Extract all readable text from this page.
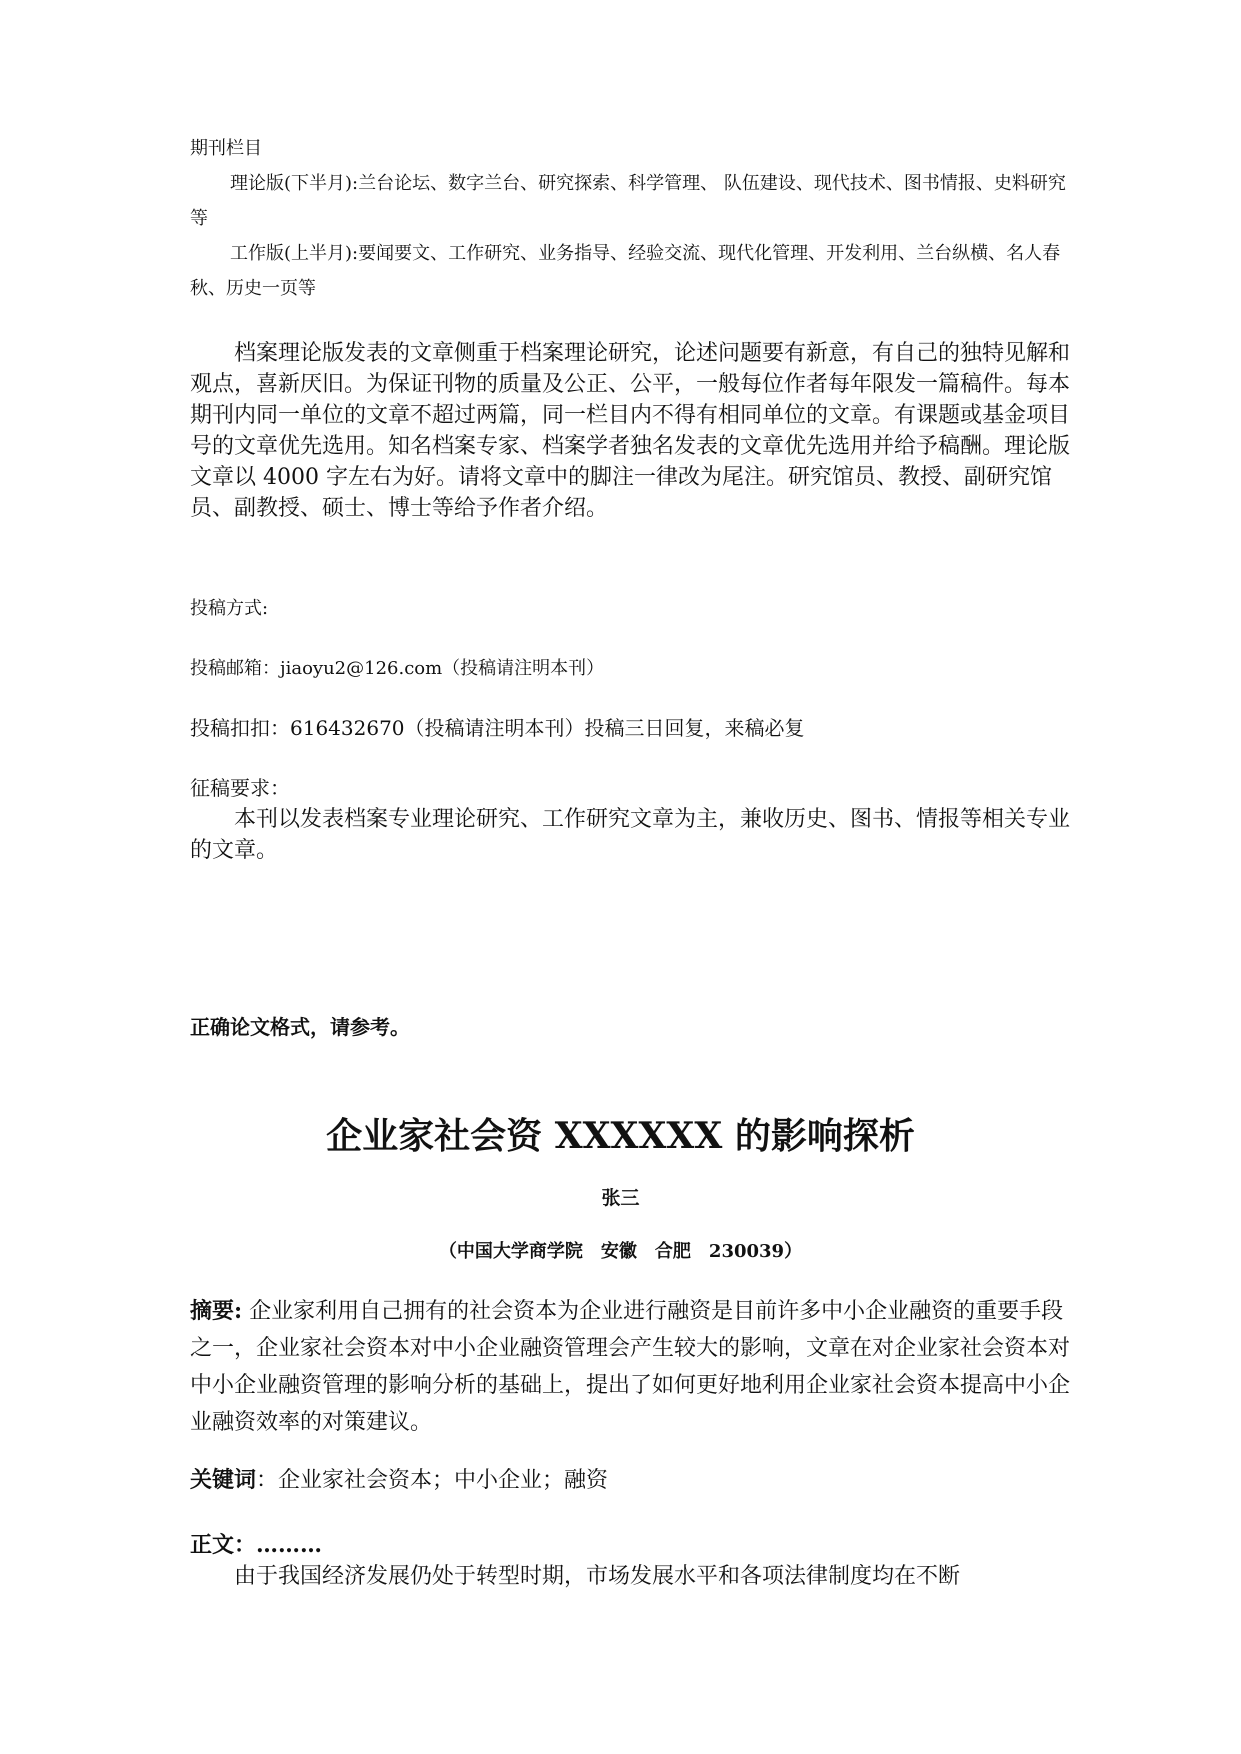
期刊栏目
理论版(下半月):兰台论坛、数字兰台、研究探索、科学管理、 队伍建设、现代技术、图书情报、史料研究等
工作版(上半月):要闻要文、工作研究、业务指导、经验交流、现代化管理、开发利用、兰台纵横、名人春秋、历史一页等
档案理论版发表的文章侧重于档案理论研究，论述问题要有新意，有自己的独特见解和观点，喜新厌旧。为保证刊物的质量及公正、公平，一般每位作者每年限发一篇稿件。每本期刊内同一单位的文章不超过两篇，同一栏目内不得有相同单位的文章。有课题或基金项目号的文章优先选用。知名档案专家、档案学者独名发表的文章优先选用并给予稿酬。理论版文章以 4000 字左右为好。请将文章中的脚注一律改为尾注。研究馆员、教授、副研究馆员、副教授、硕士、博士等给予作者介绍。
投稿方式:
投稿邮箱：jiaoyu2@126.com（投稿请注明本刊）
投稿扣扣：616432670（投稿请注明本刊）投稿三日回复，来稿必复
征稿要求：
本刊以发表档案专业理论研究、工作研究文章为主，兼收历史、图书、情报等相关专业的文章。
正确论文格式，请参考。
企业家社会资 XXXXXX 的影响探析
张三
（中国大学商学院　安徽　合肥　230039）
摘要: 企业家利用自己拥有的社会资本为企业进行融资是目前许多中小企业融资的重要手段之一，企业家社会资本对中小企业融资管理会产生较大的影响，文章在对企业家社会资本对中小企业融资管理的影响分析的基础上，提出了如何更好地利用企业家社会资本提高中小企业融资效率的对策建议。
关键词：企业家社会资本；中小企业；融资
正文：………
由于我国经济发展仍处于转型时期，市场发展水平和各项法律制度均在不断
